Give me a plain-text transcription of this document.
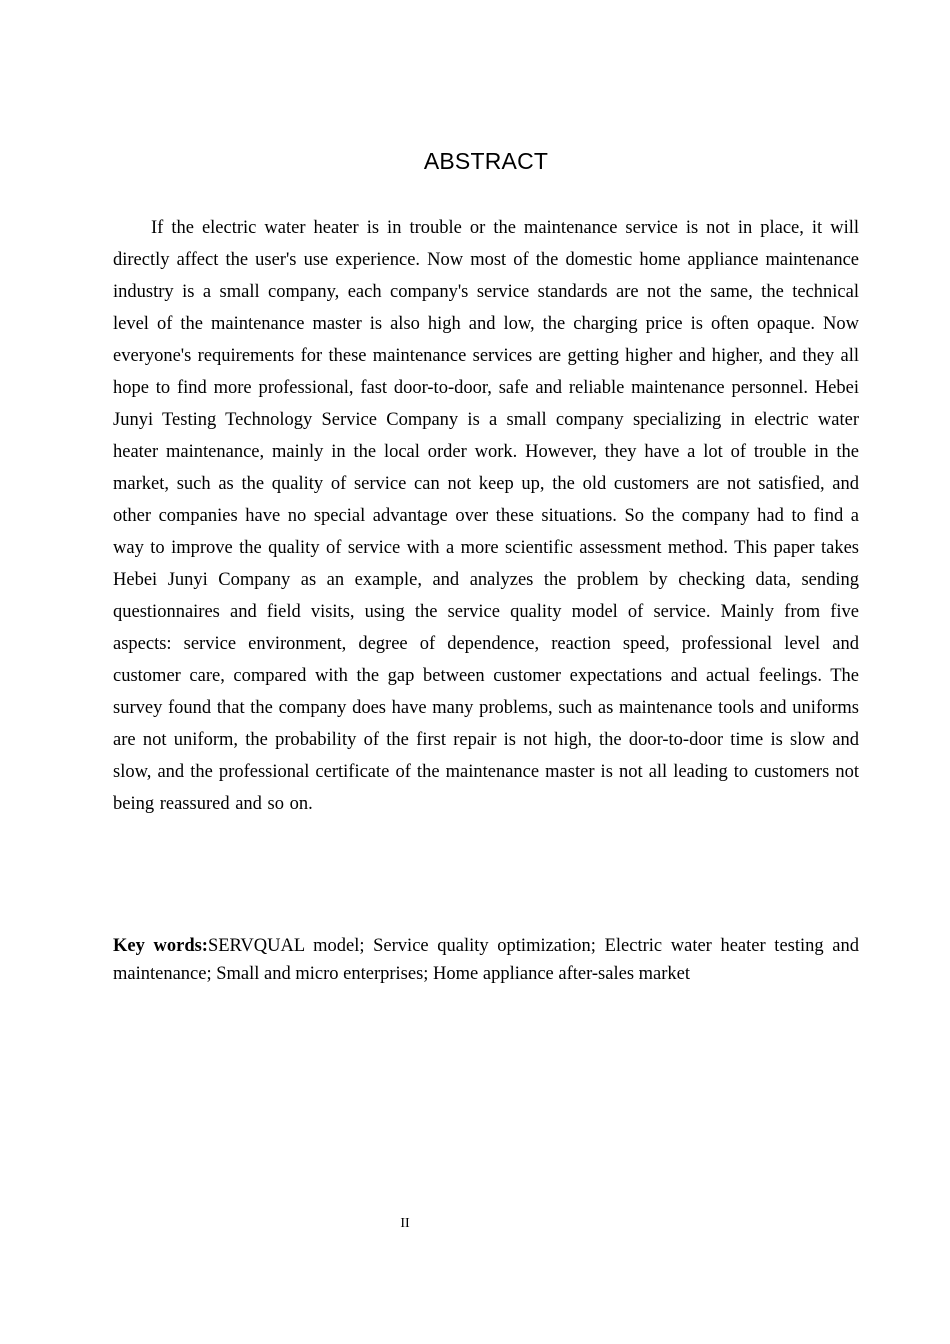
ABSTRACT

If the electric water heater is in trouble or the maintenance service is not in place, it will directly affect the user's use experience. Now most of the domestic home appliance maintenance industry is a small company, each company's service standards are not the same, the technical level of the maintenance master is also high and low, the charging price is often opaque. Now everyone's requirements for these maintenance services are getting higher and higher, and they all hope to find more professional, fast door-to-door, safe and reliable maintenance personnel. Hebei Junyi Testing Technology Service Company is a small company specializing in electric water heater maintenance, mainly in the local order work. However, they have a lot of trouble in the market, such as the quality of service can not keep up, the old customers are not satisfied, and other companies have no special advantage over these situations. So the company had to find a way to improve the quality of service with a more scientific assessment method. This paper takes Hebei Junyi Company as an example, and analyzes the problem by checking data, sending questionnaires and field visits, using the service quality model of service. Mainly from five aspects: service environment, degree of dependence, reaction speed, professional level and customer care, compared with the gap between customer expectations and actual feelings. The survey found that the company does have many problems, such as maintenance tools and uniforms are not uniform, the probability of the first repair is not high, the door-to-door time is slow and slow, and the professional certificate of the maintenance master is not all leading to customers not being reassured and so on.

Key words:SERVQUAL model; Service quality optimization; Electric water heater testing and maintenance; Small and micro enterprises; Home appliance after-sales market

II
